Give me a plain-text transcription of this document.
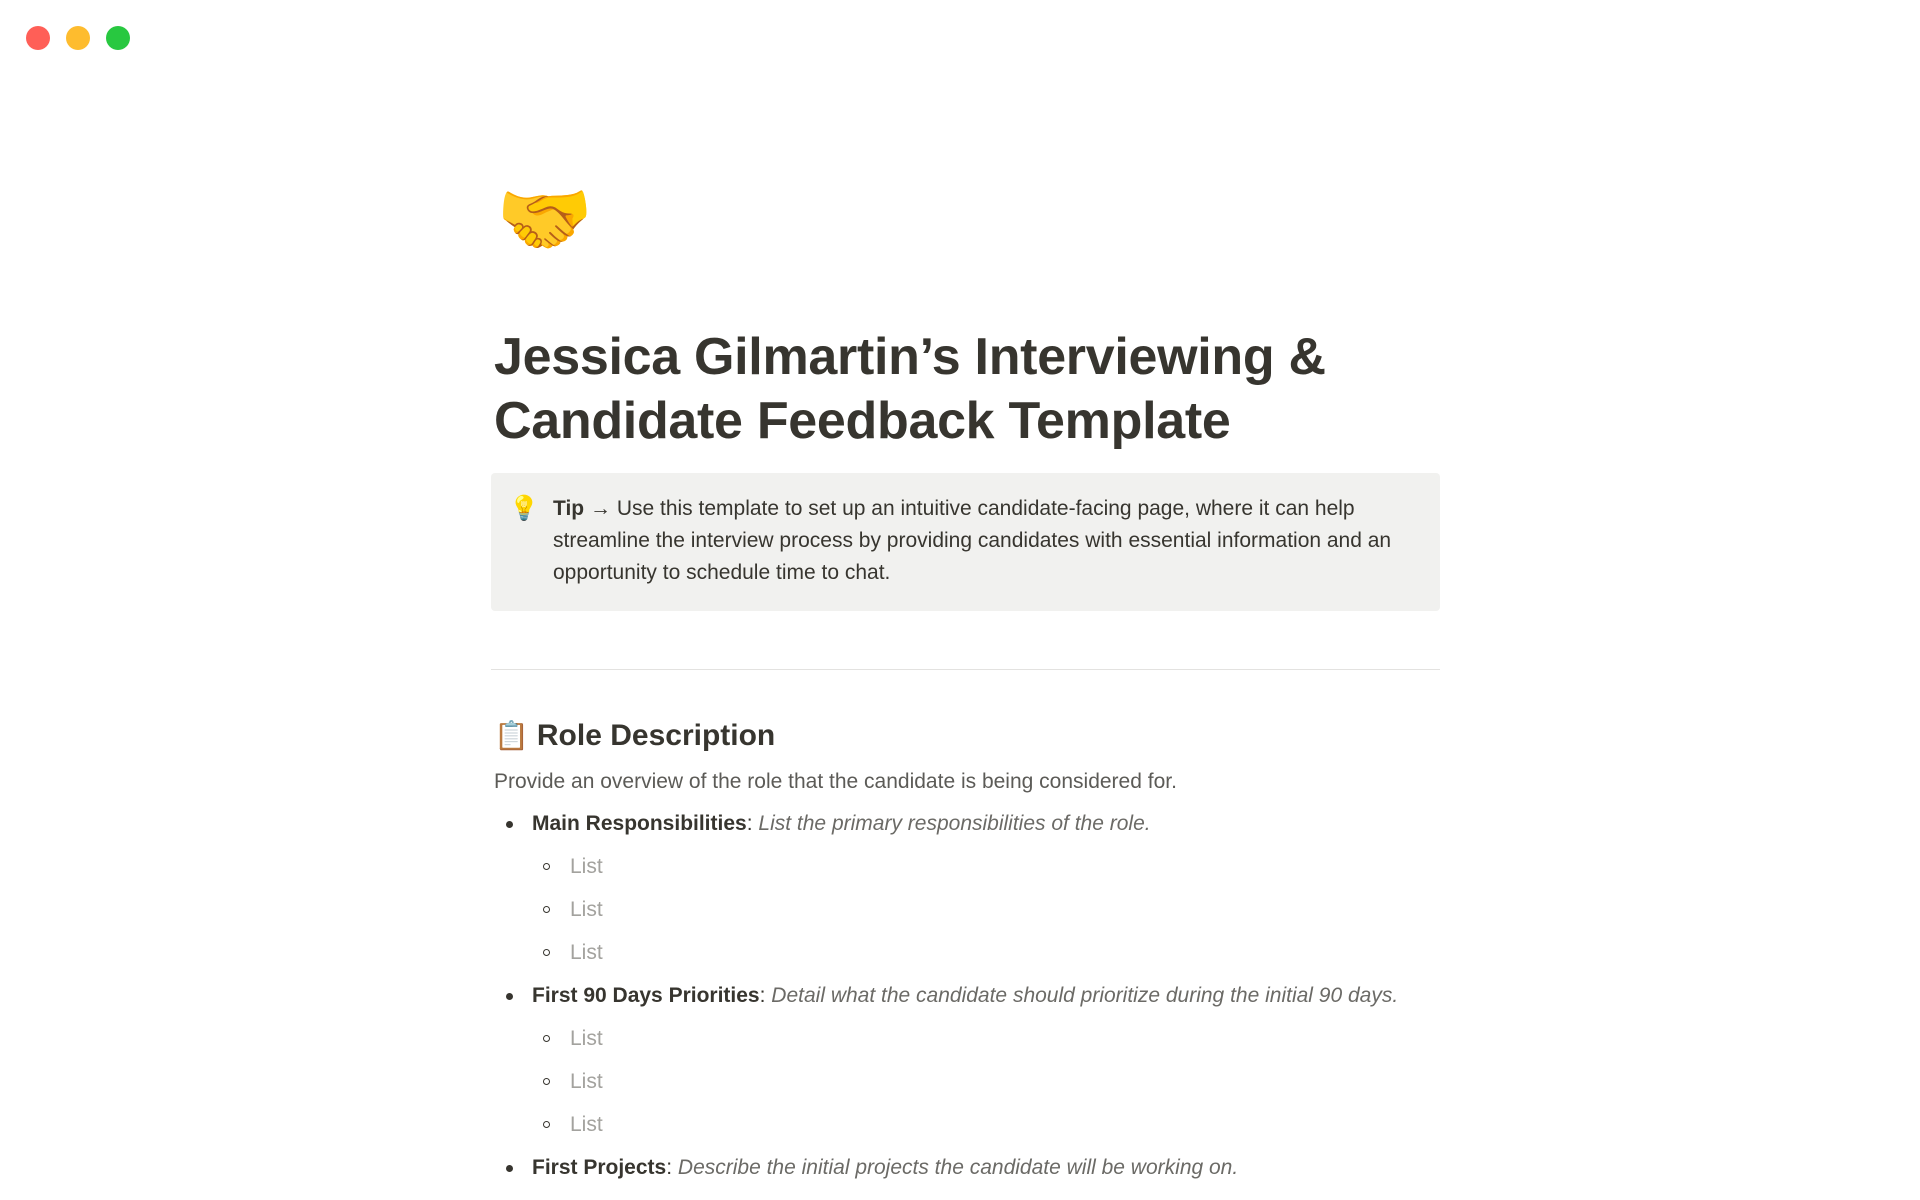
🤝
Jessica Gilmartin’s Interviewing &
Candidate Feedback Template
💡 Tip → Use this template to set up an intuitive candidate-facing page, where it can help streamline the interview process by providing candidates with essential information and an opportunity to schedule time to chat.
📋 Role Description
Provide an overview of the role that the candidate is being considered for.
Main Responsibilities: List the primary responsibilities of the role.
List
List
List
First 90 Days Priorities: Detail what the candidate should prioritize during the initial 90 days.
List
List
List
First Projects: Describe the initial projects the candidate will be working on.
